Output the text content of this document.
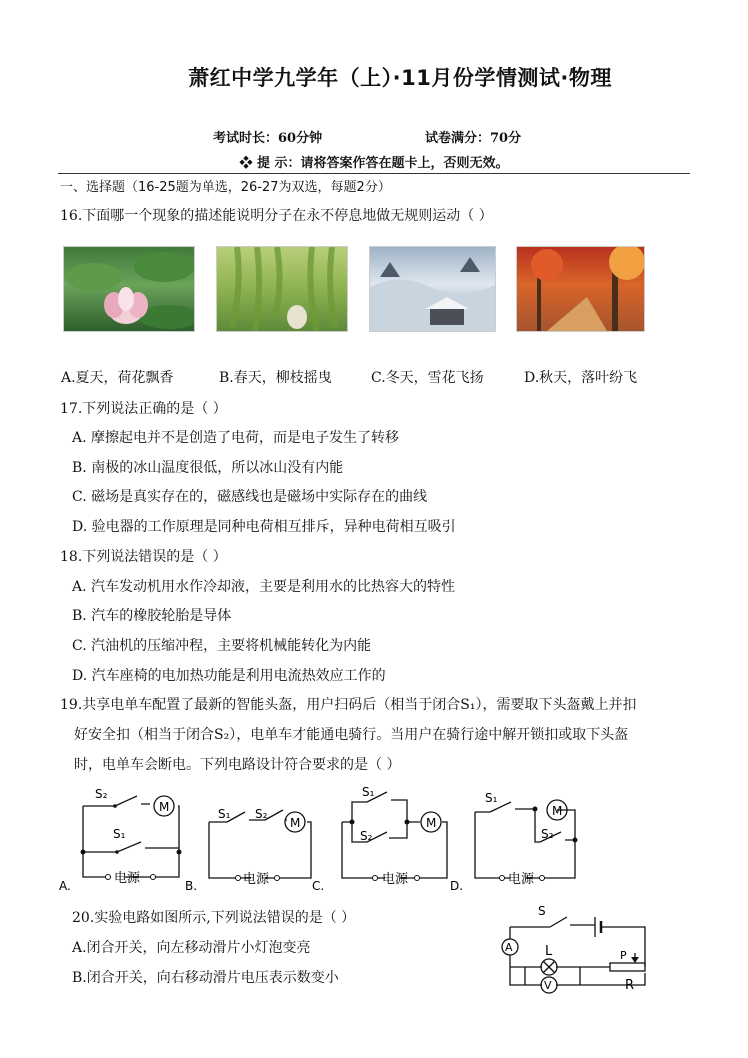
萧红中学九学年（上）·11月份学情测试·物理
考试时长：60分钟	试卷满分：70分
❖ 提 示：请将答案作答在题卡上，否则无效。
一、选择题（16-25题为单选，26-27为双选，每题2分）
16.下面哪一个现象的描述能说明分子在永不停息地做无规则运动（ ）
A.夏天，荷花飘香	B.春天，柳枝摇曳	C.冬天，雪花飞扬	D.秋天，落叶纷飞
17.下列说法正确的是（ ）
A. 摩擦起电并不是创造了电荷，而是电子发生了转移
B. 南极的冰山温度很低，所以冰山没有内能
C. 磁场是真实存在的，磁感线也是磁场中实际存在的曲线
D. 验电器的工作原理是同种电荷相互排斥，异种电荷相互吸引
18.下列说法错误的是（ ）
A. 汽车发动机用水作冷却液，主要是利用水的比热容大的特性
B. 汽车的橡胶轮胎是导体
C. 汽油机的压缩冲程，主要将机械能转化为内能
D. 汽车座椅的电加热功能是利用电流热效应工作的
19.共享电单车配置了最新的智能头盔，用户扫码后（相当于闭合S₁），需要取下头盔戴上并扣
好安全扣（相当于闭合S₂），电单车才能通电骑行。当用户在骑行途中解开锁扣或取下头盔
时，电单车会断电。下列电路设计符合要求的是（ ）
S₂
S₁
M
电源
A.
S₁ S₂
M
电源
B.
S₁
S₂
M
电源
C.
S₁
S₂
M
电源
D.
20.实验电路如图所示,下列说法错误的是（ ）
A.闭合开关，向左移动滑片小灯泡变亮
B.闭合开关，向右移动滑片电压表示数变小
S
A L
V
P
R
